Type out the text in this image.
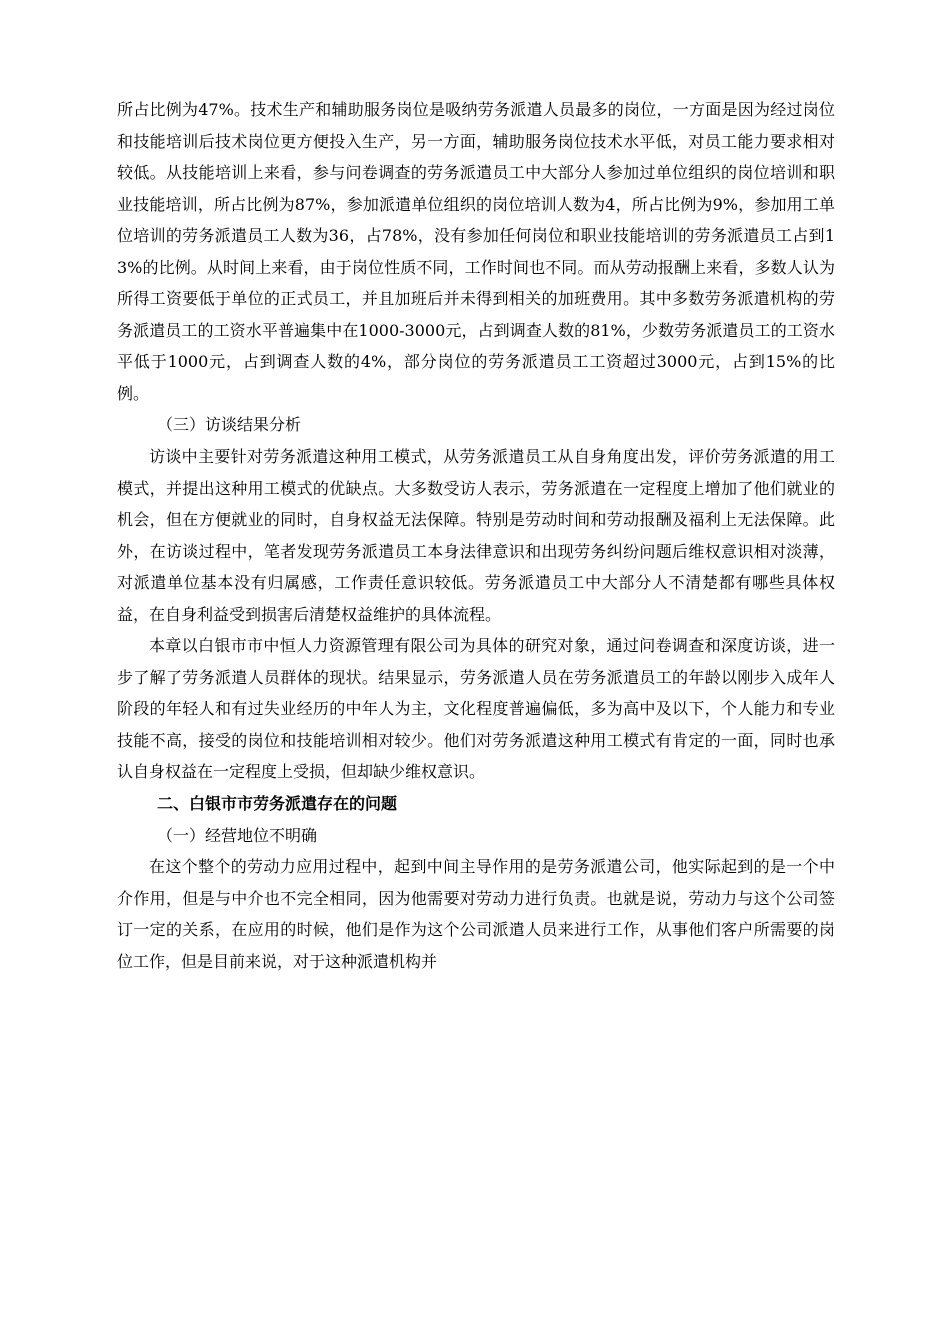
所占比例为47%。技术生产和辅助服务岗位是吸纳劳务派遣人员最多的岗位，一方面是因为经过岗位和技能培训后技术岗位更方便投入生产，另一方面，辅助服务岗位技术水平低，对员工能力要求相对较低。从技能培训上来看，参与问卷调查的劳务派遣员工中大部分人参加过单位组织的岗位培训和职业技能培训，所占比例为87%，参加派遣单位组织的岗位培训人数为4，所占比例为9%，参加用工单位培训的劳务派遣员工人数为36，占78%，没有参加任何岗位和职业技能培训的劳务派遣员工占到13%的比例。从时间上来看，由于岗位性质不同，工作时间也不同。而从劳动报酬上来看，多数人认为所得工资要低于单位的正式员工，并且加班后并未得到相关的加班费用。其中多数劳务派遣机构的劳务派遣员工的工资水平普遍集中在1000-3000元，占到调查人数的81%，少数劳务派遣员工的工资水平低于1000元，占到调查人数的4%，部分岗位的劳务派遣员工工资超过3000元，占到15%的比例。

（三）访谈结果分析

访谈中主要针对劳务派遣这种用工模式，从劳务派遣员工从自身角度出发，评价劳务派遣的用工模式，并提出这种用工模式的优缺点。大多数受访人表示，劳务派遣在一定程度上增加了他们就业的机会，但在方便就业的同时，自身权益无法保障。特别是劳动时间和劳动报酬及福利上无法保障。此外，在访谈过程中，笔者发现劳务派遣员工本身法律意识和出现劳务纠纷问题后维权意识相对淡薄，对派遣单位基本没有归属感，工作责任意识较低。劳务派遣员工中大部分人不清楚都有哪些具体权益，在自身利益受到损害后清楚权益维护的具体流程。

本章以白银市市中恒人力资源管理有限公司为具体的研究对象，通过问卷调查和深度访谈，进一步了解了劳务派遣人员群体的现状。结果显示，劳务派遣人员在劳务派遣员工的年龄以刚步入成年人阶段的年轻人和有过失业经历的中年人为主，文化程度普遍偏低，多为高中及以下，个人能力和专业技能不高，接受的岗位和技能培训相对较少。他们对劳务派遣这种用工模式有肯定的一面，同时也承认自身权益在一定程度上受损，但却缺少维权意识。

二、白银市市劳务派遣存在的问题

（一）经营地位不明确

在这个整个的劳动力应用过程中，起到中间主导作用的是劳务派遣公司，他实际起到的是一个中介作用，但是与中介也不完全相同，因为他需要对劳动力进行负责。也就是说，劳动力与这个公司签订一定的关系，在应用的时候，他们是作为这个公司派遣人员来进行工作，从事他们客户所需要的岗位工作，但是目前来说，对于这种派遣机构并
